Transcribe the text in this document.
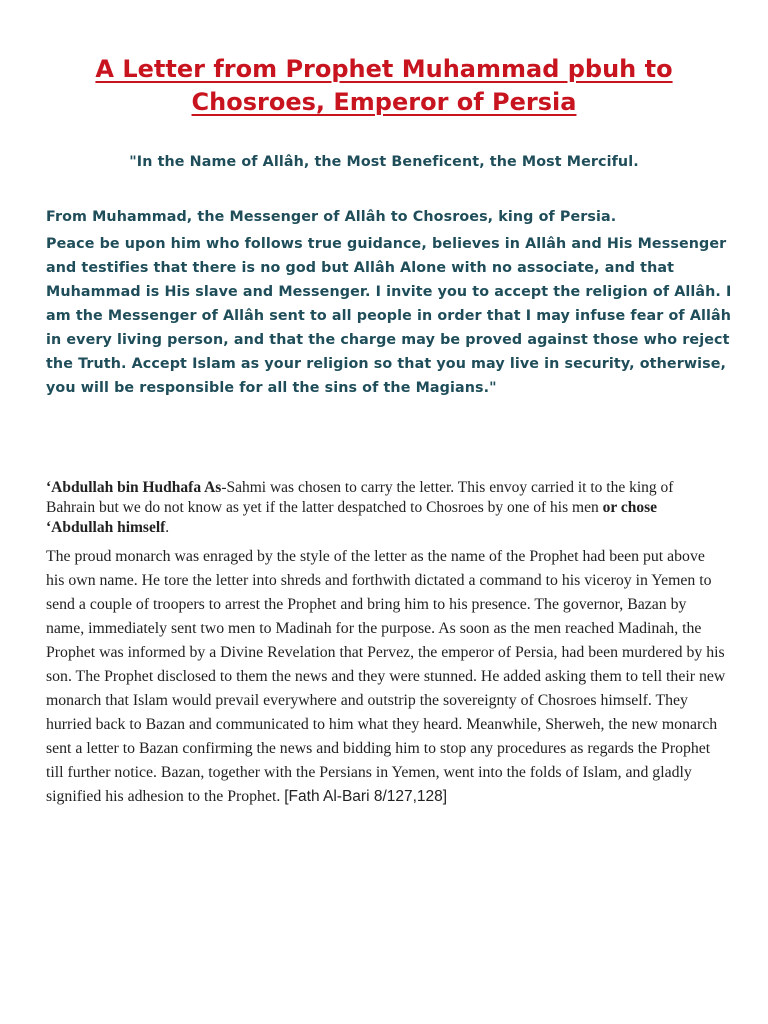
A Letter from Prophet Muhammad pbuh to
Chosroes, Emperor of Persia

"In the Name of Allâh, the Most Beneficent, the Most Merciful.

From Muhammad, the Messenger of Allâh to Chosroes, king of Persia.

Peace be upon him who follows true guidance, believes in Allâh and His Messenger and testifies that there is no god but Allâh Alone with no associate, and that Muhammad is His slave and Messenger. I invite you to accept the religion of Allâh. I am the Messenger of Allâh sent to all people in order that I may infuse fear of Allâh in every living person, and that the charge may be proved against those who reject the Truth. Accept Islam as your religion so that you may live in security, otherwise, you will be responsible for all the sins of the Magians."

‘Abdullah bin Hudhafa As-Sahmi was chosen to carry the letter. This envoy carried it to the king of Bahrain but we do not know as yet if the latter despatched to Chosroes by one of his men or chose ‘Abdullah himself.

The proud monarch was enraged by the style of the letter as the name of the Prophet had been put above his own name. He tore the letter into shreds and forthwith dictated a command to his viceroy in Yemen to send a couple of troopers to arrest the Prophet and bring him to his presence. The governor, Bazan by name, immediately sent two men to Madinah for the purpose. As soon as the men reached Madinah, the Prophet was informed by a Divine Revelation that Pervez, the emperor of Persia, had been murdered by his son. The Prophet disclosed to them the news and they were stunned. He added asking them to tell their new monarch that Islam would prevail everywhere and outstrip the sovereignty of Chosroes himself. They hurried back to Bazan and communicated to him what they heard. Meanwhile, Sherweh, the new monarch sent a letter to Bazan confirming the news and bidding him to stop any procedures as regards the Prophet till further notice. Bazan, together with the Persians in Yemen, went into the folds of Islam, and gladly signified his adhesion to the Prophet. [Fath Al-Bari 8/127,128]
